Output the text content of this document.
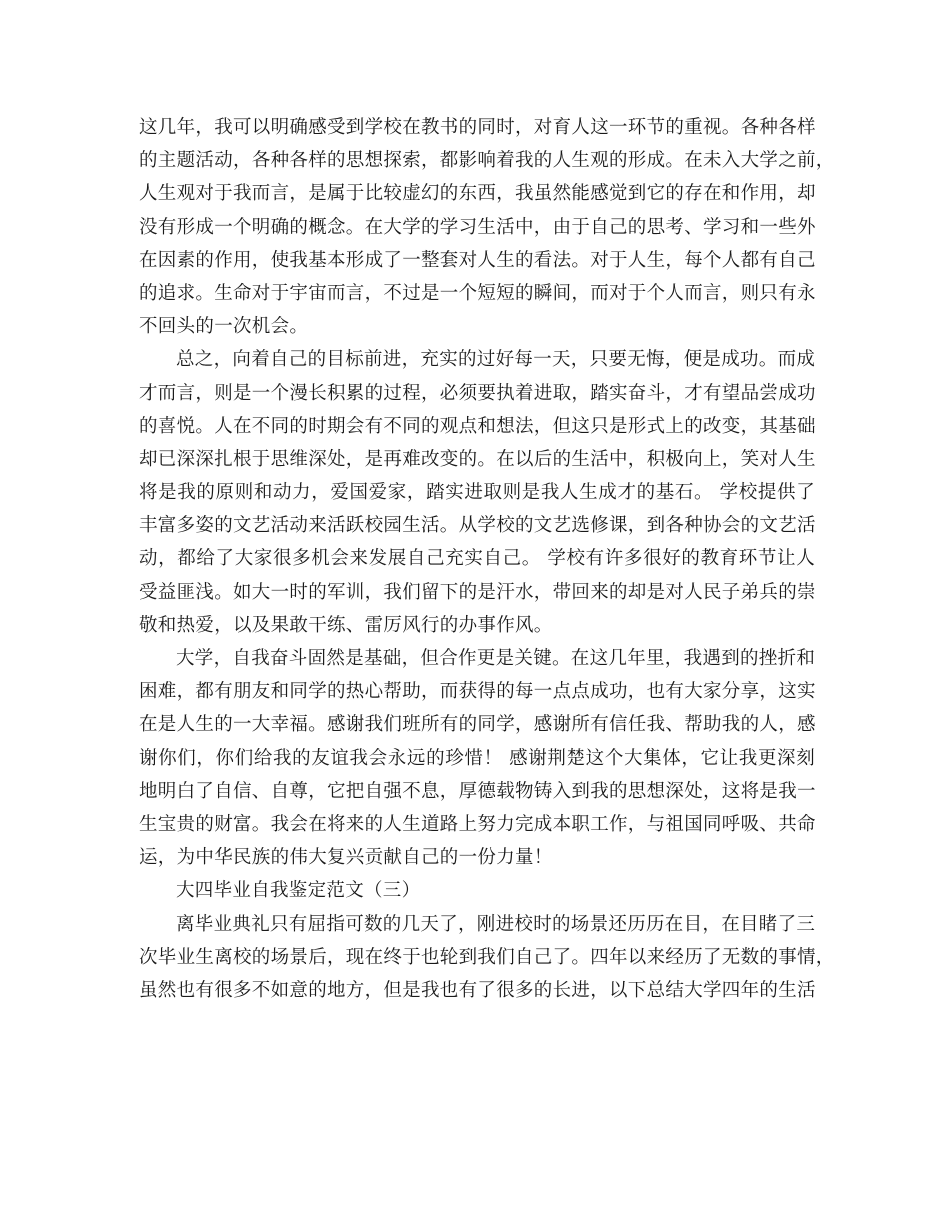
这几年，我可以明确感受到学校在教书的同时，对育人这一环节的重视。各种各样
的主题活动，各种各样的思想探索，都影响着我的人生观的形成。在未入大学之前，
人生观对于我而言，是属于比较虚幻的东西，我虽然能感觉到它的存在和作用，却
没有形成一个明确的概念。在大学的学习生活中，由于自己的思考、学习和一些外
在因素的作用，使我基本形成了一整套对人生的看法。对于人生，每个人都有自己
的追求。生命对于宇宙而言，不过是一个短短的瞬间，而对于个人而言，则只有永
不回头的一次机会。
总之，向着自己的目标前进，充实的过好每一天，只要无悔，便是成功。而成
才而言，则是一个漫长积累的过程，必须要执着进取，踏实奋斗，才有望品尝成功
的喜悦。人在不同的时期会有不同的观点和想法，但这只是形式上的改变，其基础
却已深深扎根于思维深处，是再难改变的。在以后的生活中，积极向上，笑对人生
将是我的原则和动力，爱国爱家，踏实进取则是我人生成才的基石。 学校提供了
丰富多姿的文艺活动来活跃校园生活。从学校的文艺选修课，到各种协会的文艺活
动，都给了大家很多机会来发展自己充实自己。 学校有许多很好的教育环节让人
受益匪浅。如大一时的军训，我们留下的是汗水，带回来的却是对人民子弟兵的崇
敬和热爱，以及果敢干练、雷厉风行的办事作风。
大学，自我奋斗固然是基础，但合作更是关键。在这几年里，我遇到的挫折和
困难，都有朋友和同学的热心帮助，而获得的每一点点成功，也有大家分享，这实
在是人生的一大幸福。感谢我们班所有的同学，感谢所有信任我、帮助我的人，感
谢你们，你们给我的友谊我会永远的珍惜！ 感谢荆楚这个大集体，它让我更深刻
地明白了自信、自尊，它把自强不息，厚德载物铸入到我的思想深处，这将是我一
生宝贵的财富。我会在将来的人生道路上努力完成本职工作，与祖国同呼吸、共命
运，为中华民族的伟大复兴贡献自己的一份力量！
大四毕业自我鉴定范文（三）
离毕业典礼只有屈指可数的几天了，刚进校时的场景还历历在目，在目睹了三
次毕业生离校的场景后，现在终于也轮到我们自己了。四年以来经历了无数的事情，
虽然也有很多不如意的地方，但是我也有了很多的长进，以下总结大学四年的生活
